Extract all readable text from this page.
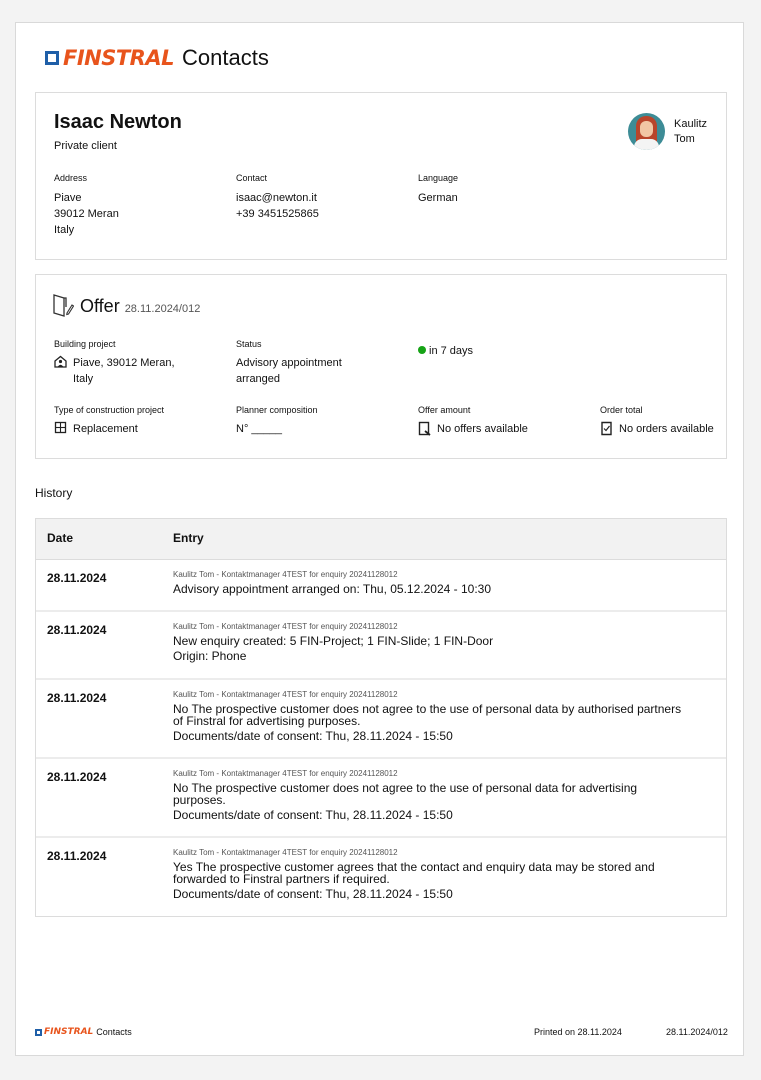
FINSTRAL Contacts
Isaac Newton
Private client
Kaulitz
Tom
Address
Piave
39012 Meran
Italy
Contact
isaac@newton.it
+39 3451525865
Language
German
Offer 28.11.2024/012
Building project
Piave, 39012 Meran,
Italy
Status
Advisory appointment
arranged
in 7 days
Type of construction project
Replacement
Planner composition
N° _____
Offer amount
No offers available
Order total
No orders available
History
Date	Entry
28.11.2024	Kaulitz Tom - Kontaktmanager 4TEST for enquiry 20241128012
Advisory appointment arranged on: Thu, 05.12.2024 - 10:30
28.11.2024	Kaulitz Tom - Kontaktmanager 4TEST for enquiry 20241128012
New enquiry created: 5 FIN-Project; 1 FIN-Slide; 1 FIN-Door
Origin: Phone
28.11.2024	Kaulitz Tom - Kontaktmanager 4TEST for enquiry 20241128012
No The prospective customer does not agree to the use of personal data by authorised partners
of Finstral for advertising purposes.
Documents/date of consent: Thu, 28.11.2024 - 15:50
28.11.2024	Kaulitz Tom - Kontaktmanager 4TEST for enquiry 20241128012
No The prospective customer does not agree to the use of personal data for advertising
purposes.
Documents/date of consent: Thu, 28.11.2024 - 15:50
28.11.2024	Kaulitz Tom - Kontaktmanager 4TEST for enquiry 20241128012
Yes The prospective customer agrees that the contact and enquiry data may be stored and
forwarded to Finstral partners if required.
Documents/date of consent: Thu, 28.11.2024 - 15:50
FINSTRAL Contacts	Printed on 28.11.2024	28.11.2024/012
